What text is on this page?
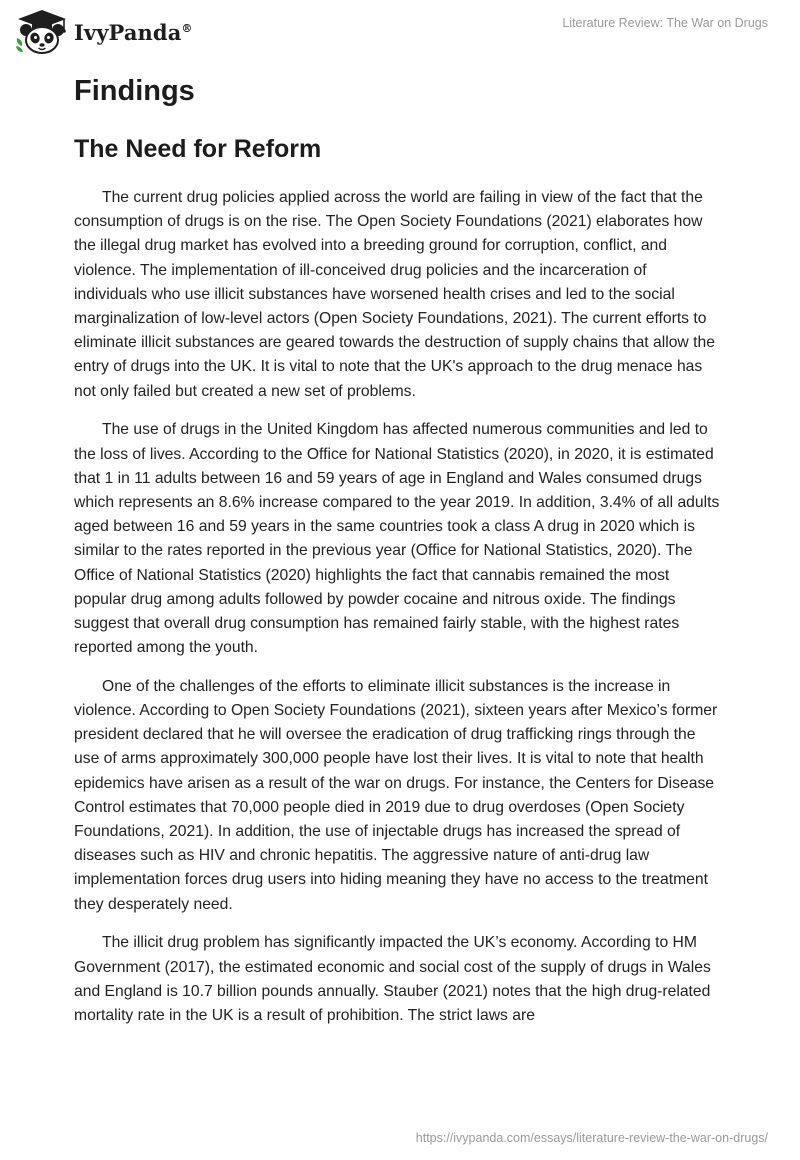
IvyPanda®	Literature Review: The War on Drugs
Findings
The Need for Reform

The current drug policies applied across the world are failing in view of the fact that the consumption of drugs is on the rise. The Open Society Foundations (2021) elaborates how the illegal drug market has evolved into a breeding ground for corruption, conflict, and violence. The implementation of ill-conceived drug policies and the incarceration of individuals who use illicit substances have worsened health crises and led to the social marginalization of low-level actors (Open Society Foundations, 2021). The current efforts to eliminate illicit substances are geared towards the destruction of supply chains that allow the entry of drugs into the UK. It is vital to note that the UK's approach to the drug menace has not only failed but created a new set of problems.

The use of drugs in the United Kingdom has affected numerous communities and led to the loss of lives. According to the Office for National Statistics (2020), in 2020, it is estimated that 1 in 11 adults between 16 and 59 years of age in England and Wales consumed drugs which represents an 8.6% increase compared to the year 2019. In addition, 3.4% of all adults aged between 16 and 59 years in the same countries took a class A drug in 2020 which is similar to the rates reported in the previous year (Office for National Statistics, 2020). The Office of National Statistics (2020) highlights the fact that cannabis remained the most popular drug among adults followed by powder cocaine and nitrous oxide. The findings suggest that overall drug consumption has remained fairly stable, with the highest rates reported among the youth.

One of the challenges of the efforts to eliminate illicit substances is the increase in violence. According to Open Society Foundations (2021), sixteen years after Mexico’s former president declared that he will oversee the eradication of drug trafficking rings through the use of arms approximately 300,000 people have lost their lives. It is vital to note that health epidemics have arisen as a result of the war on drugs. For instance, the Centers for Disease Control estimates that 70,000 people died in 2019 due to drug overdoses (Open Society Foundations, 2021). In addition, the use of injectable drugs has increased the spread of diseases such as HIV and chronic hepatitis. The aggressive nature of anti-drug law implementation forces drug users into hiding meaning they have no access to the treatment they desperately need.

The illicit drug problem has significantly impacted the UK’s economy. According to HM Government (2017), the estimated economic and social cost of the supply of drugs in Wales and England is 10.7 billion pounds annually. Stauber (2021) notes that the high drug-related mortality rate in the UK is a result of prohibition. The strict laws are

https://ivypanda.com/essays/literature-review-the-war-on-drugs/
